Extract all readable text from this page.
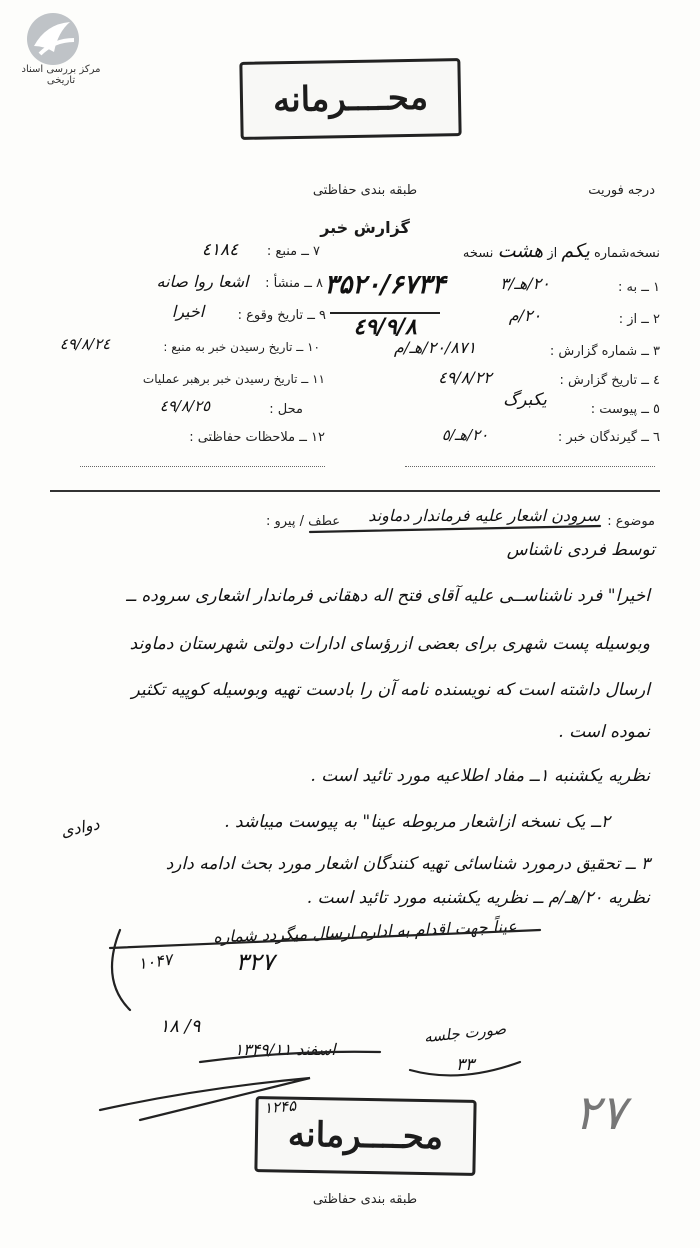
مرکز بررسی اسناد تاریخی	محــــرمانه
درجه فوریت
طبقه بندی حفاظتی
گزارش خبر
نسخه‌شماره یکم از هشت نسخه
۱ ــ به :
۲۰/هـ/۳
۲ ــ از :
۲۰/م
۳ ــ شماره گزارش :
۲۰/۸۷۱/هـ/م
٤ ــ تاریخ گزارش :
٤٩/۸/۲۲
٥ ــ پیوست :
یکبرگ
٦ ــ گیرندگان خبر :
۲۰/هـ/٥
۷ ــ منبع :
٤١٨٤
۸ ــ منشأ :
اشعا روا صانه
۹ ــ تاریخ وقوع :
اخیرا
۱۰ ــ تاریخ رسیدن خبر به منبع :
٤٩/۸/۲٤
۱۱ ــ تاریخ رسیدن خبر برهبر عملیات
محل :
٤٩/۸/۲٥
۱۲ ــ ملاحظات حفاظتی :
۳۵۲۰/۶۷۳۴
٤٩/۹/۸
موضوع :
سرودن اشعار علیه فرماندار دماوند
عطف / پیرو :
توسط فردی ناشناس
اخیرا" فرد ناشناســی علیه آقای فتح اله دهقانی فرماندار اشعاری سروده ــ
وبوسیله پست شهری برای بعضی ازرؤسای ادارات دولتی شهرستان دماوند
ارسال داشته است که نویسنده نامه آن را بادست تهیه وبوسیله کوپیه تکثیر
نموده است .
نظریه یکشنبه ۱ــ مفاد اطلاعیه مورد تائید است .
۲ــ یک نسخه ازاشعار مربوطه عینا" به پیوست میباشد .
۳ ــ تحقیق درمورد شناسائی تهیه کنندگان اشعار مورد بحث ادامه دارد
دوادی
نظریه ۲۰/هـ/م ــ نظریه یکشنبه مورد تائید است .
عیناً جهت اقدام به اداره ارسال میگردد شماره
۳۲۷
۱۰۴۷
٩/ ١٨
اسفند ۱۳۴۹/۱۱
صورت جلسه
۳۳
۲۷
۱۲۴۵
محــــرمانه
طبقه بندی حفاظتی
